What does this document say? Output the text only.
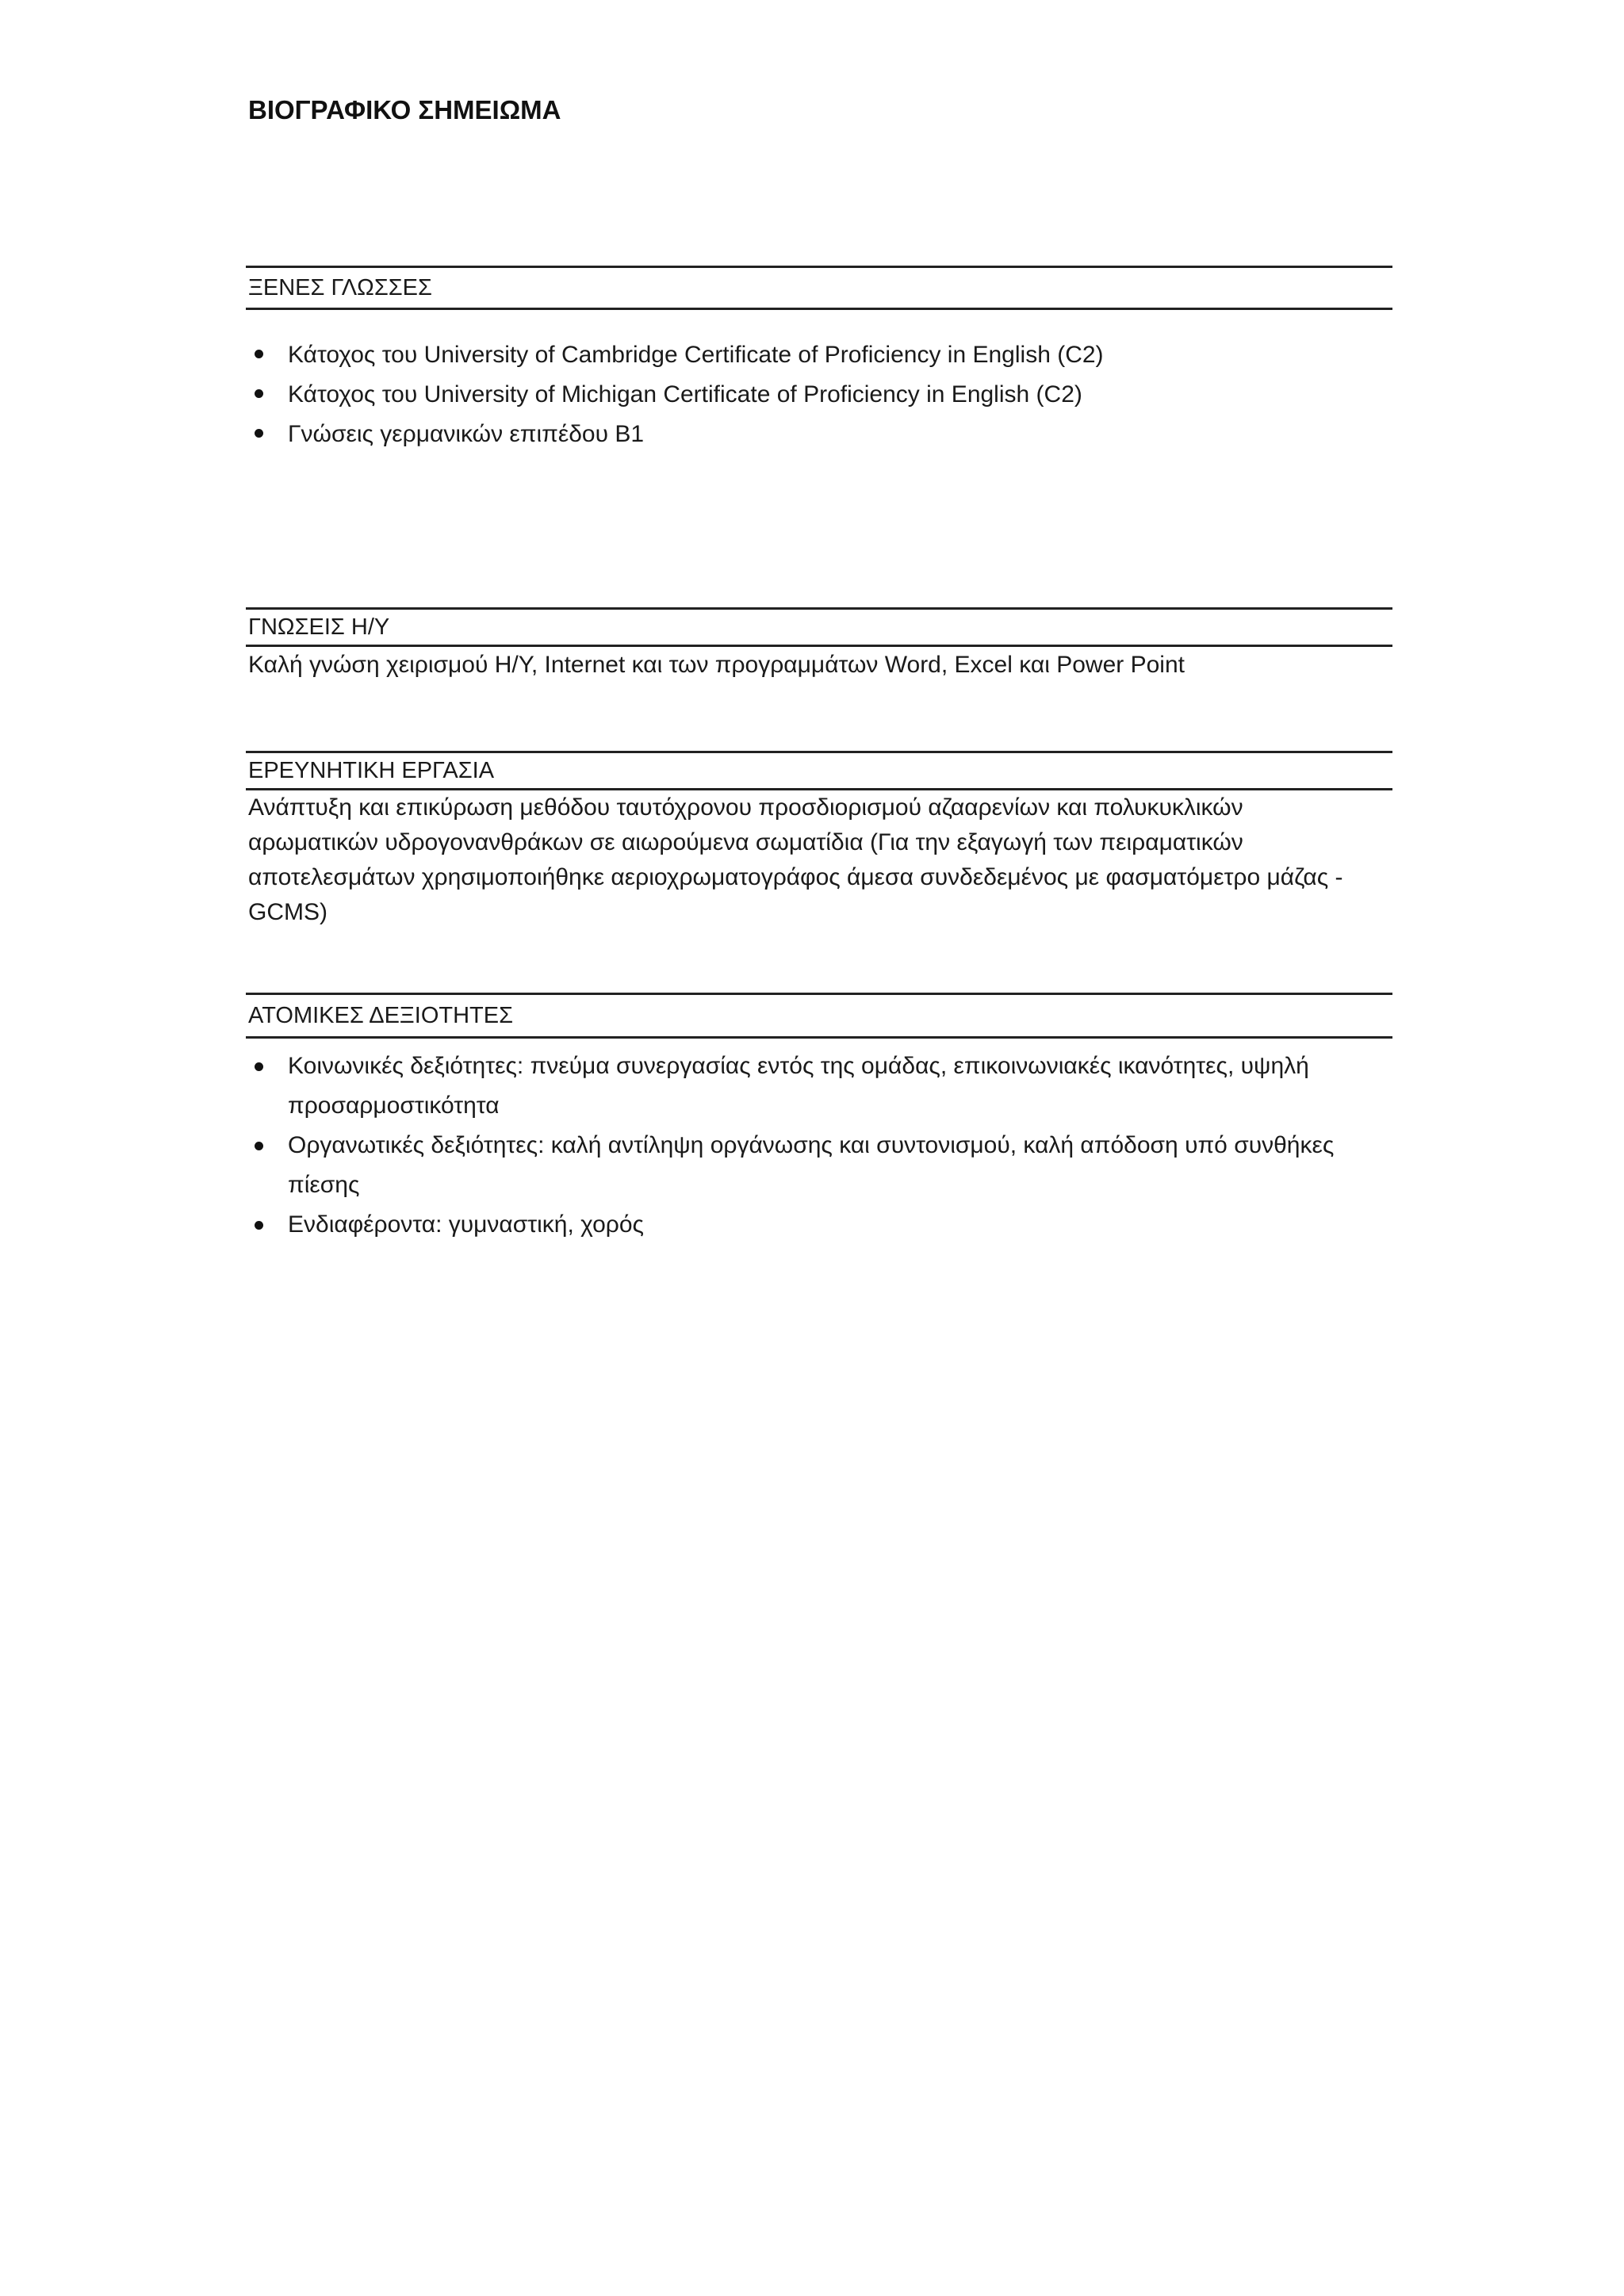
ΒΙΟΓΡΑΦΙΚΟ ΣΗΜΕΙΩΜΑ
ΞΕΝΕΣ ΓΛΩΣΣΕΣ
Κάτοχος του University of Cambridge Certificate of Proficiency in English (C2)
Κάτοχος του University of Michigan Certificate of Proficiency in English (C2)
Γνώσεις γερμανικών επιπέδου Β1
ΓΝΩΣΕΙΣ Η/Υ
Καλή γνώση χειρισμού Η/Υ, Internet και των προγραμμάτων Word, Excel και Power Point
ΕΡΕΥΝΗΤΙΚΗ ΕΡΓΑΣΙΑ
Ανάπτυξη και επικύρωση μεθόδου ταυτόχρονου προσδιορισμού αζααρενίων και πολυκυκλικών αρωματικών υδρογονανθράκων σε αιωρούμενα σωματίδια (Για την εξαγωγή των πειραματικών αποτελεσμάτων χρησιμοποιήθηκε αεριοχρωματογράφος άμεσα συνδεδεμένος με φασματόμετρο μάζας - GCMS)
ΑΤΟΜΙΚΕΣ ΔΕΞΙΟΤΗΤΕΣ
Κοινωνικές δεξιότητες: πνεύμα συνεργασίας εντός της ομάδας, επικοινωνιακές ικανότητες, υψηλή προσαρμοστικότητα
Οργανωτικές δεξιότητες: καλή αντίληψη οργάνωσης και συντονισμού, καλή απόδοση υπό συνθήκες πίεσης
Ενδιαφέροντα: γυμναστική, χορός
